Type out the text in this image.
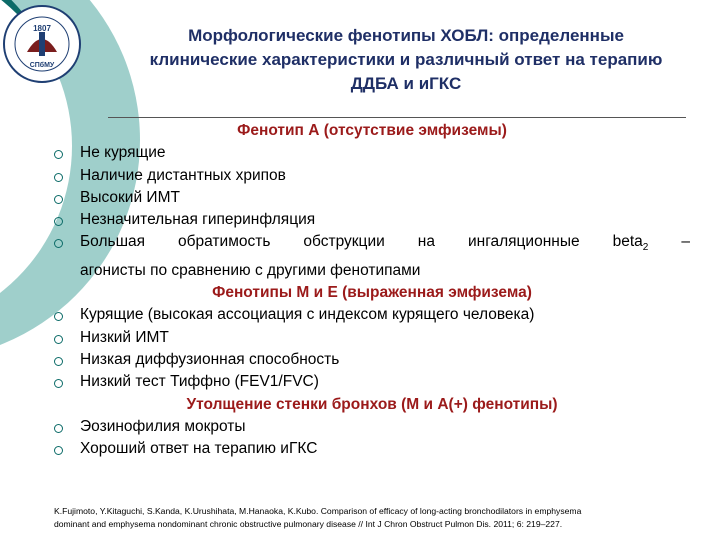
1807
СПбМУ
Морфологические фенотипы ХОБЛ: определенные
клинические характеристики и различный ответ на терапию
ДДБА и иГКС
Фенотип А (отсутствие эмфиземы)
Не курящие
Наличие дистантных хрипов
Высокий ИМТ
Незначительная гиперинфляция
Большая обратимость обструкции на ингаляционные beta$_2$ –
агонисты по сравнению с другими фенотипами
Фенотипы М и Е (выраженная эмфизема)
Курящие (высокая ассоциация с индексом курящего человека)
Низкий ИМТ
Низкая диффузионная способность
Низкий тест Тиффно (FEV1/FVC)
Утолщение стенки бронхов (М и А(+) фенотипы)
Эозинофилия мокроты
Хороший ответ на терапию иГКС
K.Fujimoto, Y.Kitaguchi, S.Kanda, K.Urushihata, M.Hanaoka, K.Kubo. Comparison of efficacy of long-acting bronchodilators in emphysema
dominant and emphysema nondominant chronic obstructive pulmonary disease // Int J Chron Obstruct Pulmon Dis. 2011; 6: 219–227.
